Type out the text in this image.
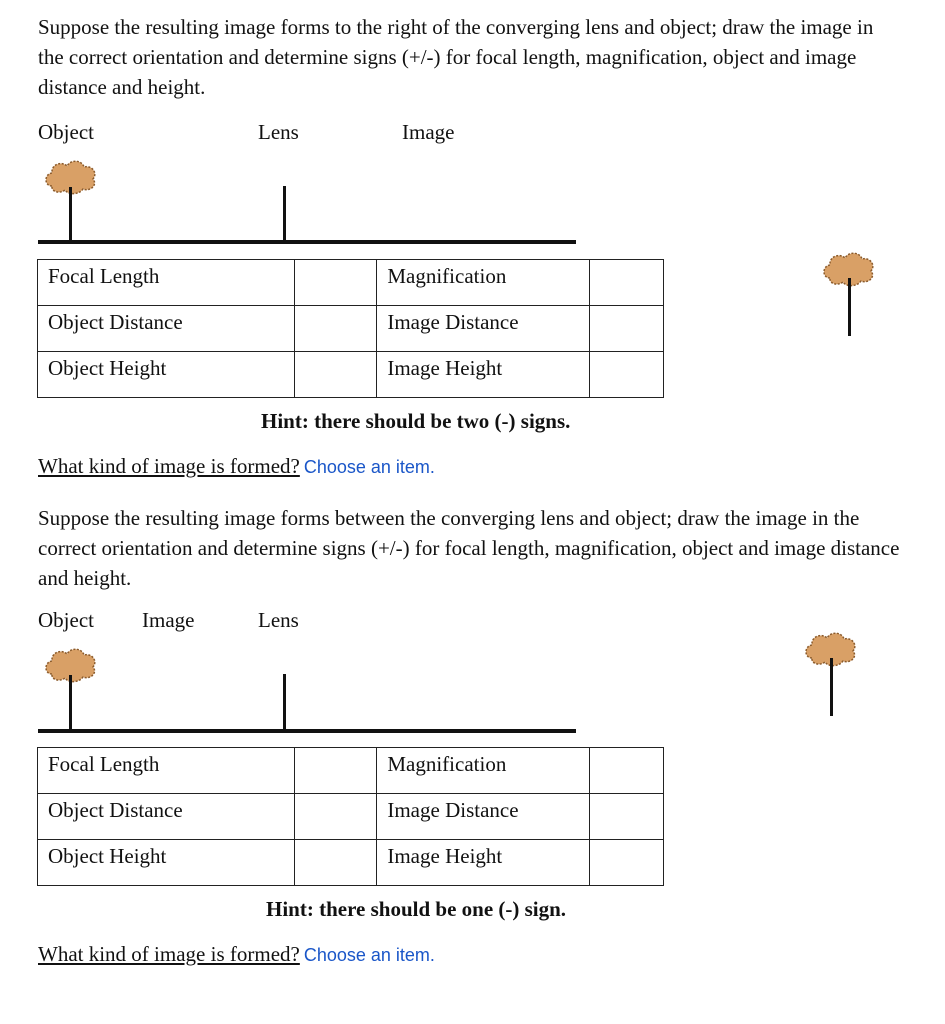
Suppose the resulting image forms to the right of the converging lens and object; draw the image in the correct orientation and determine signs (+/-) for focal length, magnification, object and image distance and height.
Object	Lens	Image
Focal Length		Magnification	
Object Distance		Image Distance	
Object Height		Image Height	
Hint: there should be two (-) signs.
What kind of image is formed? Choose an item.
Suppose the resulting image forms between the converging lens and object; draw the image in the correct orientation and determine signs (+/-) for focal length, magnification, object and image distance and height.
Object Image	Lens
Focal Length		Magnification	
Object Distance		Image Distance	
Object Height		Image Height	
Hint: there should be one (-) sign.
What kind of image is formed? Choose an item.
